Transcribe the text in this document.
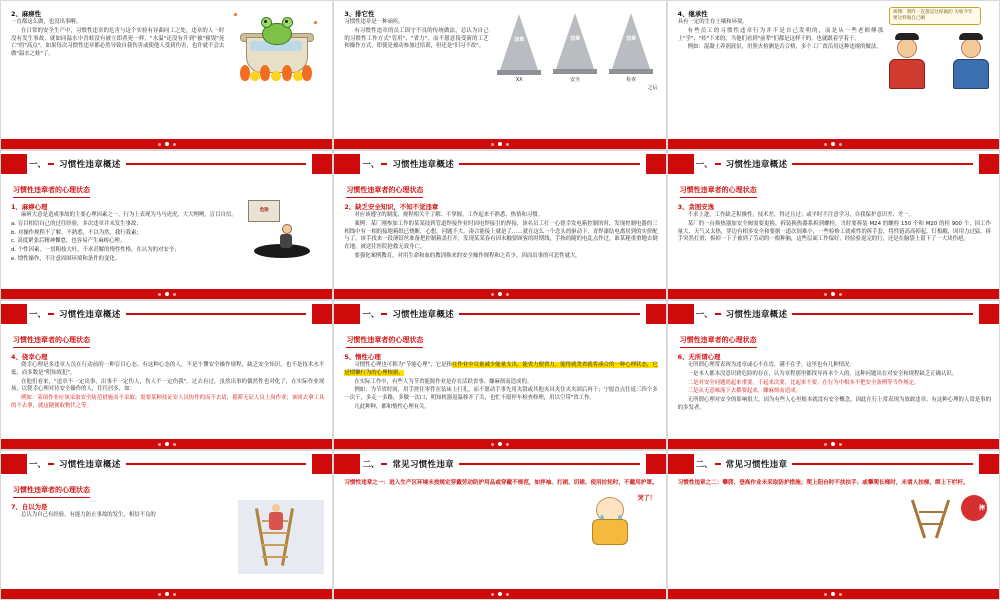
2、麻痹性

一直都这么做，也没出事啊。

在日常的安全生产中，习惯性违章的危害与这个实验有异曲同工之处，违章的人一时没有发生事故，就如同温水中青蛙没有被立即煮死一样，"水温"还没有升到"被"撞毁"死亡"的"高点"。如果每次习惯性违章都必然导致自我伤害或使他人受到伤害，也许就不会去做"温水之蛙"了。

3、排它性

习惯性违章是一种顽疾。

有习惯性违章的员工固守不良的传统做法，总认为自己的习惯性工作方式"管用"、"省力"，而不愿意接受新的工艺和操作方式，即使是被动参加过培训，但还是"旧习不改"。

违章
XX
违章
安全
违章
检查
之后
4、继承性

具有一定的生存土壤和环境。

有些员工的习惯性违章行为并不是自己发明的，而是从一些老师傅那上"学"、"传"下来的，当他们看到"前辈"们都是这样干的，也就跟着学着干。

例如：混凝土养润液泵，用照火检测是否合格，多个工厂酉沿用这种违规的做法。

师傅：我咋一直都是这样做的 为啥今年要这样做自己嘛
一、	习惯性违章概述
习惯性违章者的心理状态
1、麻痹心理

麻痹大意是造成事故的主要心理因素之一。行为上表现为马马虎虎，大大咧咧，盲目自信。

a. 盲目相信自己的过往经验，多次违章并未发生事故；

b. 对操作规程不了解、不熟悉，不以为然，我行我素；

c. 高度紧张后精神懈怠，也容易产生麻痹心理。

d. 个性因素，一贯粗枝大叶，不求甚解的惰性性格，在认为的对安全；

e. 惯性操作，不注意周围环境和条件的变化。

危险
一、	习惯性违章概述
习惯性违章者的心理状态
2、缺乏安全知识，不知不觉违章

对应该遵守的制度、规程相关不了解、不掌握，工作起来不熟悉、热情和习惯。

案例：某厂刚参加工作的某某技到管道焊接作业时因电焊接引的焊接，该名员工打一心侥幸发电箱控制的时，发现控制电器的三相线中有一相的接地箱纸已烧断，心想，问题不大，凑合能接上就是了……就在这么一个念头的驱动下，青焊漆结电离居到的实价配与了，该手找来一段薄铅丝准备把控制箱盖打开，发现某某春有因未触要顾客的时期线，手指的随的电乱点作过，谁某秘重重地去倒在地，被送往医院抢救无效身亡。

要强化案例教育，对用生命和血的教训换来的安全操作规程和之若少，因而出事的可悲性就大。

一、	习惯性违章概述
习惯性违章者的心理状态
3、贪图安逸

不求上进，工作缺乏积极性，技术差，得过且过；或平时不注意学习，自我保护意识差、差一。

某厂的一台换热器加安全阀需要更换，拆装换热器系拆到螺栓。当时要拆装 M24 的螺栓 150 个和 M20 的栓 900 个，因工作量大、天气又太热，穿边有相多安全和要据一道次间难小，一些检修工就索性的拆手套，将性链高高掉起，灯根敝，因用力过猛，拆手突然打滑，拆掉一下子被到了劳动的一根种脑，这些层面工作保好，经验验返完的行，还是在脑袋上留下了一大块伤疤。

一、	习惯性违章概述
习惯性违章者的心理状态
4、侥幸心理

侥幸心理是多违章人员在行动前的一种盲目心态。有这种心态的人，不是不懂安全操作规程，缺乏安全知识，也不是技术水平低，而多数是"明知故犯"。

在他们看来，"违章不一定出事，出事不一定伤人，伤人不一定伤我"。过去有过，虽然出事的偶然性也对化了，在实际作业现场，以侥幸心理对待安全操作的人，往往居多，如：

例如：某项作业应该采取安全防范措施而不采取；需要某种技证安人员协作的而不去请，摇滞无证人员上岗作业；该回去拿工具的不去拿，就这随便取物代之等。

一、	习惯性违章概述
习惯性违章者的心理状态
5、惰性心理

习惯性心理也可称为“节能心理”，它是指在作业中尽量减少能量支出，能省力便省力，能得就类省就将凑合的一种心理状态，它是惯懒行为的心理根据。

在实际工作中，有些人为节省能源作业是存在活跃省事、嫌麻烦而造成的。

例如：为节省时间，用手搓住零件在钻床上打孔，而不愿动手事先用夹钳或其他夹具夹住夹夹固后再干；宁愿直点往返三四个多一次干，多走一多路，多做一次口；明知机器返温移开了关，也忙不愿停车检查修理，用以空带"省工作。

凡此种种，都和惰性心理有关。

一、	习惯性违章概述
习惯性违章者的心理状态
6、无所谓心理

无所谓心理常表现为违章或心不在焉，满不在乎。这里也有几种情况：

一是本人都本没意识到危险的存在，认为章程那里都找导再本个人的。这种问题出在对安全和规程缺乏正确认识。

二是对安全问题尚起来重要，千起来次要，比起来不要。在行为中根本不把安全条例等当作规定。

三是从无意味流下去都要起来，嫌麻烦而造成。

无所谓心理对安全的影响很大，因为有些人心里根本就没有安全概念，因此在行上常表现为放敢违章。有这种心理的人常是事的的多发者。

一、	习惯性违章概述
习惯性违章者的心理状态
7、自以为是

总认为自己有经验，有能力防止事故的发生，相信不良的

二、	常见习惯性违章

习惯性违章之一：进入生产区环境未按规定穿戴劳动防护用品或穿戴不规范，如拌袖、打裙、切裙、使用拉轮时，不戴用护罩。

哭了！
二、	常见习惯性违章

习惯性违章之二：攀爬、登高作业未采取防护措施；爬上阳台时不扶扶手；或攀爬长梯时，未请人扶梯，绑上下栏杆。

摔
